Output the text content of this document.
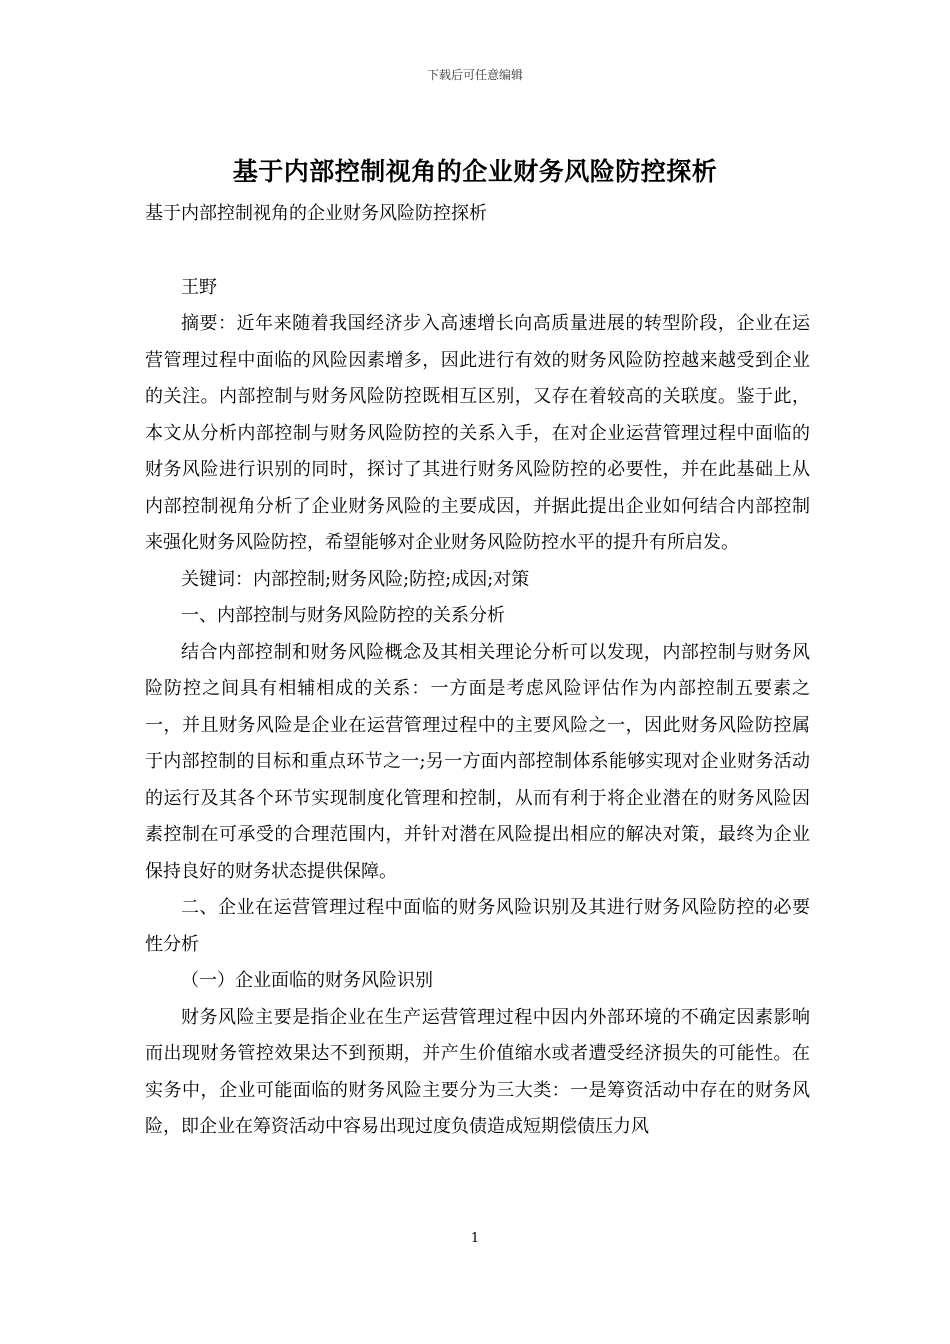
下载后可任意编辑
基于内部控制视角的企业财务风险防控探析

基于内部控制视角的企业财务风险防控探析

王野

摘要：近年来随着我国经济步入高速增长向高质量进展的转型阶段，企业在运营管理过程中面临的风险因素增多，因此进行有效的财务风险防控越来越受到企业的关注。内部控制与财务风险防控既相互区别，又存在着较高的关联度。鉴于此，本文从分析内部控制与财务风险防控的关系入手，在对企业运营管理过程中面临的财务风险进行识别的同时，探讨了其进行财务风险防控的必要性，并在此基础上从内部控制视角分析了企业财务风险的主要成因，并据此提出企业如何结合内部控制来强化财务风险防控，希望能够对企业财务风险防控水平的提升有所启发。

关键词：内部控制;财务风险;防控;成因;对策

一、内部控制与财务风险防控的关系分析

结合内部控制和财务风险概念及其相关理论分析可以发现，内部控制与财务风险防控之间具有相辅相成的关系：一方面是考虑风险评估作为内部控制五要素之一，并且财务风险是企业在运营管理过程中的主要风险之一，因此财务风险防控属于内部控制的目标和重点环节之一;另一方面内部控制体系能够实现对企业财务活动的运行及其各个环节实现制度化管理和控制，从而有利于将企业潜在的财务风险因素控制在可承受的合理范围内，并针对潜在风险提出相应的解决对策，最终为企业保持良好的财务状态提供保障。

二、企业在运营管理过程中面临的财务风险识别及其进行财务风险防控的必要性分析

（一）企业面临的财务风险识别

财务风险主要是指企业在生产运营管理过程中因内外部环境的不确定因素影响而出现财务管控效果达不到预期，并产生价值缩水或者遭受经济损失的可能性。在实务中，企业可能面临的财务风险主要分为三大类：一是筹资活动中存在的财务风险，即企业在筹资活动中容易出现过度负债造成短期偿债压力风

1
